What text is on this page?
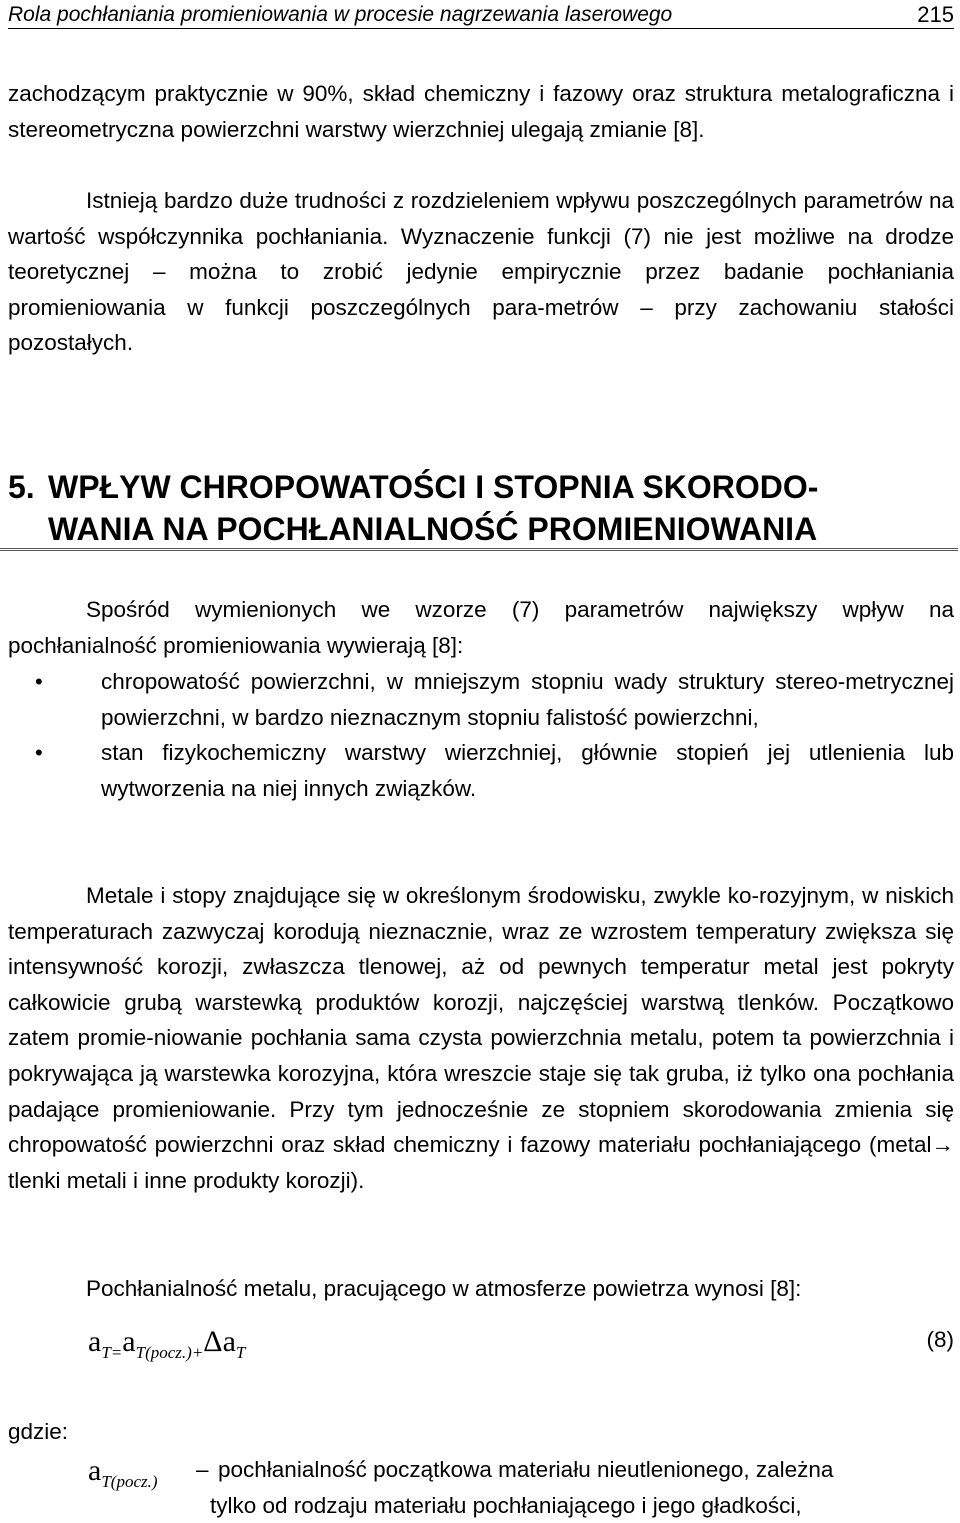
Rola pochłaniania promieniowania w procesie nagrzewania laserowego	215

zachodzącym praktycznie w 90%, skład chemiczny i fazowy oraz struktura metalograficzna i stereometryczna powierzchni warstwy wierzchniej ulegają zmianie [8].

Istnieją bardzo duże trudności z rozdzieleniem wpływu poszczególnych parametrów na wartość współczynnika pochłaniania. Wyznaczenie funkcji (7) nie jest możliwe na drodze teoretycznej – można to zrobić jedynie empirycznie przez badanie pochłaniania promieniowania w funkcji poszczególnych para-metrów – przy zachowaniu stałości pozostałych.

5. WPŁYW CHROPOWATOŚCI I STOPNIA SKORODO-
WANIA NA POCHŁANIALNOŚĆ PROMIENIOWANIA

Spośród wymienionych we wzorze (7) parametrów największy wpływ na pochłanialność promieniowania wywierają [8]:

•	chropowatość powierzchni, w mniejszym stopniu wady struktury stereo-metrycznej powierzchni, w bardzo nieznacznym stopniu falistość powierzchni,
•	stan fizykochemiczny warstwy wierzchniej, głównie stopień jej utlenienia lub wytworzenia na niej innych związków.

Metale i stopy znajdujące się w określonym środowisku, zwykle ko-rozyjnym, w niskich temperaturach zazwyczaj korodują nieznacznie, wraz ze wzrostem temperatury zwiększa się intensywność korozji, zwłaszcza tlenowej, aż od pewnych temperatur metal jest pokryty całkowicie grubą warstewką produktów korozji, najczęściej warstwą tlenków. Początkowo zatem promie-niowanie pochłania sama czysta powierzchnia metalu, potem ta powierzchnia i pokrywająca ją warstewka korozyjna, która wreszcie staje się tak gruba, iż tylko ona pochłania padające promieniowanie. Przy tym jednocześnie ze stopniem skorodowania zmienia się chropowatość powierzchni oraz skład chemiczny i fazowy materiału pochłaniającego (metal→ tlenki metali i inne produkty korozji).

Pochłanialność metalu, pracującego w atmosferze powietrza wynosi [8]:

$a_{T=}a_{T(pocz.)+}\Delta a_T$
(8)
gdzie:
$a_{T(pocz.)}$ – pochłanialność początkowa materiału nieutlenionego, zależna
tylko od rodzaju materiału pochłaniającego i jego gładkości,
